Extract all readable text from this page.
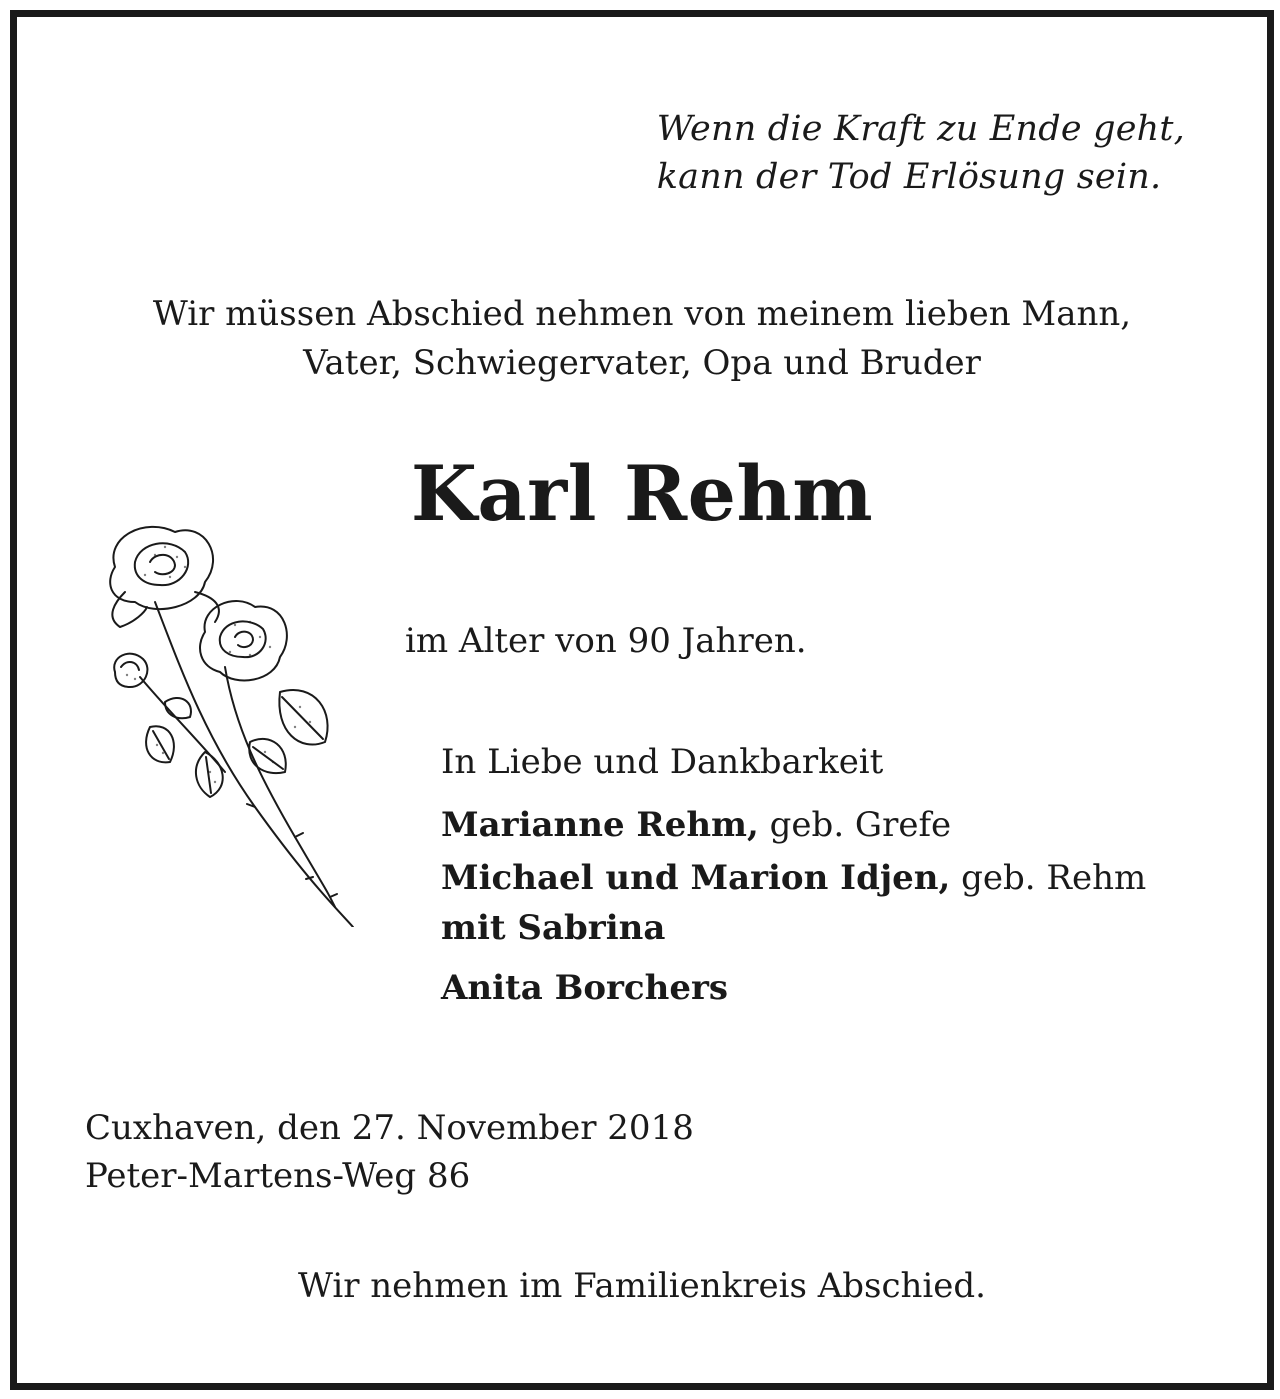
Wenn die Kraft zu Ende geht,
kann der Tod Erlösung sein.
Wir müssen Abschied nehmen von meinem lieben Mann,
Vater, Schwiegervater, Opa und Bruder
Karl Rehm
im Alter von 90 Jahren.
In Liebe und Dankbarkeit
Marianne Rehm, geb. Grefe
Michael und Marion Idjen, geb. Rehm
mit Sabrina
Anita Borchers
Cuxhaven, den 27. November 2018
Peter-Martens-Weg 86
Wir nehmen im Familienkreis Abschied.
